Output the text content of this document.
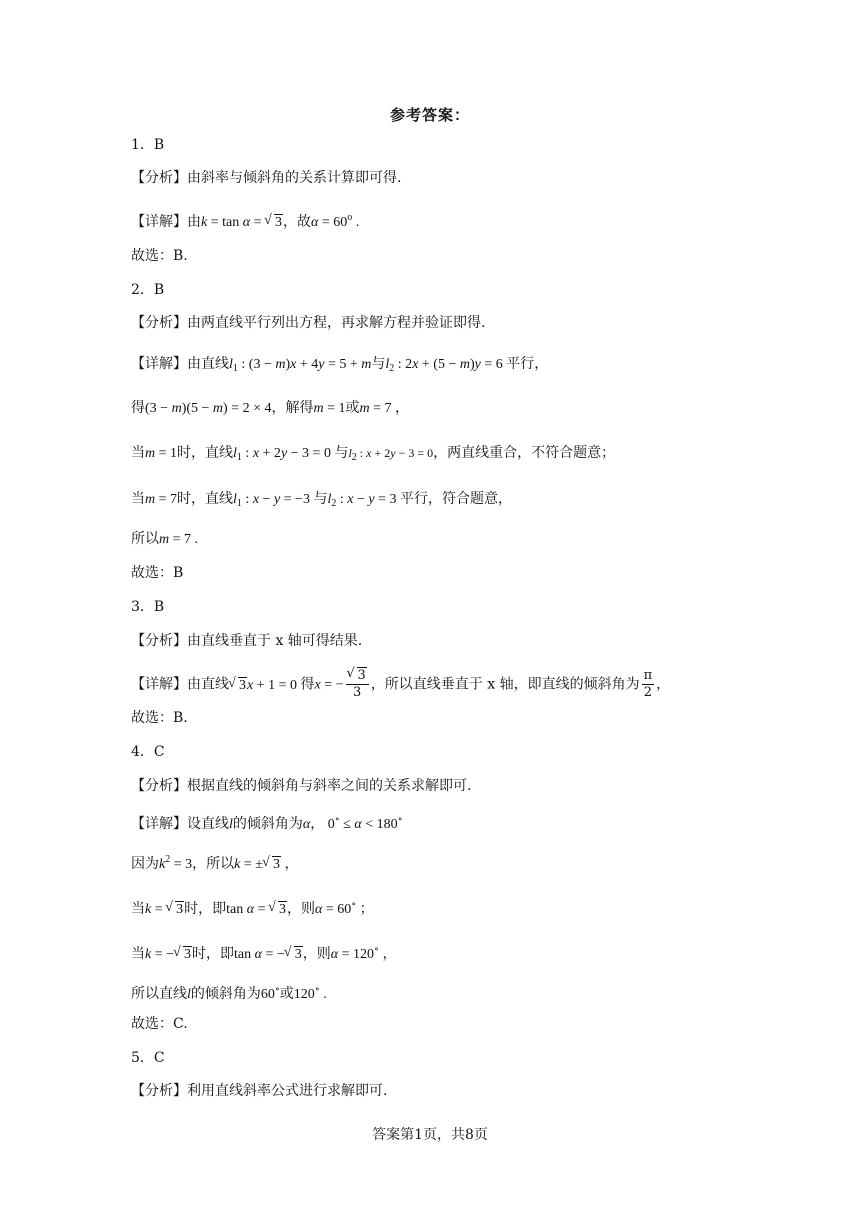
参考答案：
1．B
【分析】由斜率与倾斜角的关系计算即可得.
【详解】由k = tan α = √ 3，故$\alpha = 60^o$ .
故选：B.
2．B
【分析】由两直线平行列出方程，再求解方程并验证即得.
【详解】由直线$l_1$ : (3 − m)x + 4y = 5 + m与$l_2$ : 2x + (5 − m)y = 6 平行，
得(3 − m)(5 − m) = 2 × 4，解得m = 1或m = 7 ，
当m = 1时，直线$l_1$ : x + 2y − 3 = 0 与$l_2$ : x + 2y − 3 = 0，两直线重合，不符合题意；
当m = 7时，直线$l_1$ : x − y = −3 与$l_2$ : x − y = 3 平行，符合题意，
所以m = 7 .
故选：B
3．B
【分析】由直线垂直于 x 轴可得结果.
【详解】由直线 √ 3x + 1 = 0 得x = − √ $\frac{3}{3}$ ，所以直线垂直于 x 轴，即直线的倾斜角为 $\frac{\pi}{2}$ ，
故选：B.
4．C
【分析】根据直线的倾斜角与斜率之间的关系求解即可.
【详解】设直线l的倾斜角为α， 0∘ ≤ α < 180∘
因为$k^2 = 3$，所以k = ± √ 3 ，
当k = √ 3时，即tan α = √ 3，则α = 60∘ ；
当k = − √ 3时，即tan α = − √ 3，则α = 120∘ ，
所以直线l的倾斜角为60∘或120∘ .
故选：C.
5．C
【分析】利用直线斜率公式进行求解即可.
答案第1页，共8页
